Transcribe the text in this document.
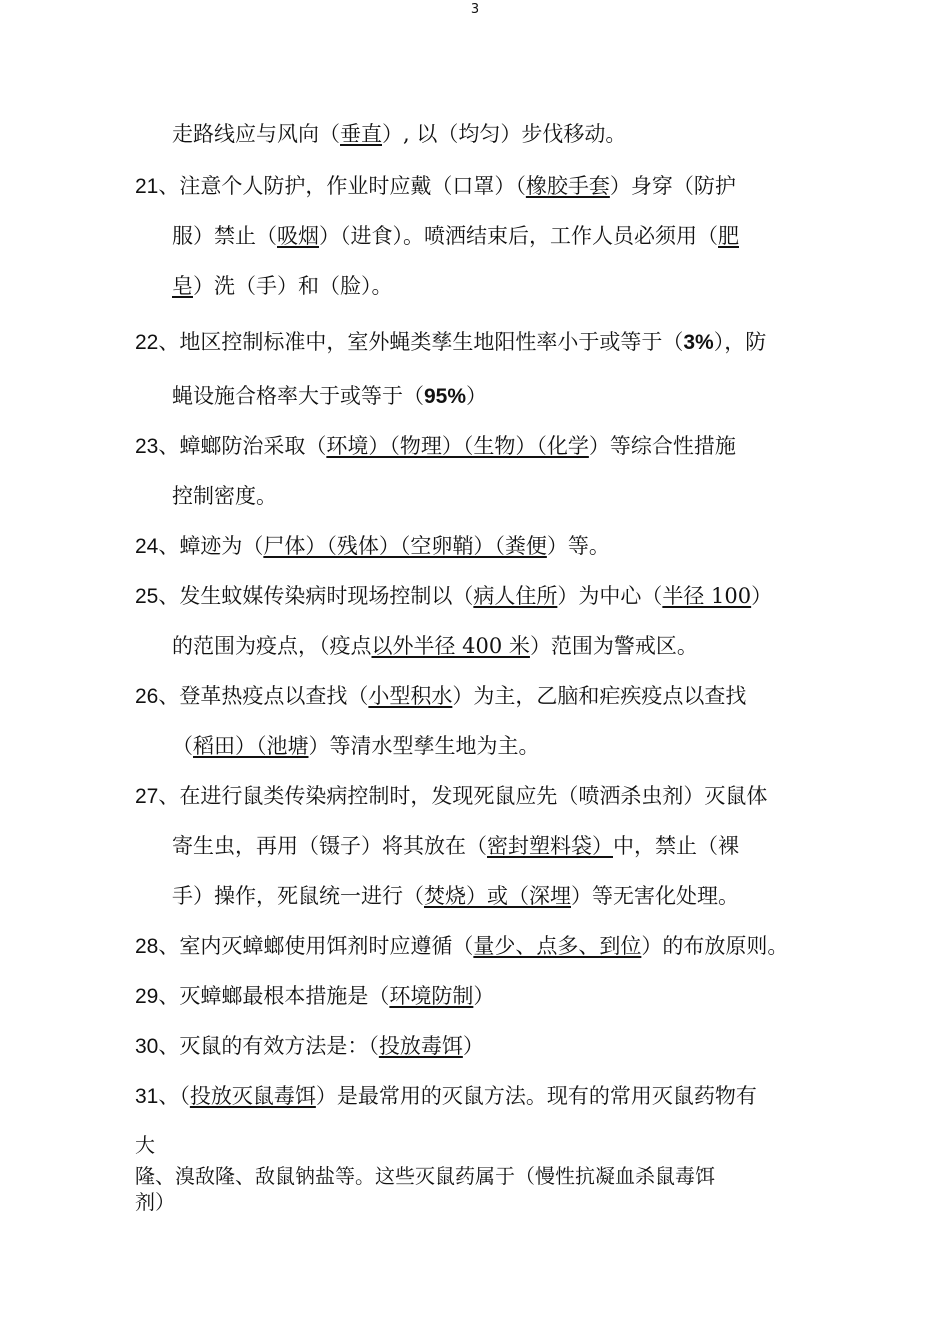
3
走路线应与风向（垂直）, 以（均匀）步伐移动。
21、注意个人防护，作业时应戴（口罩）（橡胶手套）身穿（防护
服）禁止（吸烟）（进食）。喷洒结束后，工作人员必须用（肥
皂）洗（手）和（脸）。
22、地区控制标准中，室外蝇类孳生地阳性率小于或等于（3%），防
蝇设施合格率大于或等于（95%）
23、蟑螂防治采取（环境）（物理）（生物）（化学）等综合性措施
控制密度。
24、蟑迹为（尸体）（残体）（空卵鞘）（粪便）等。
25、发生蚊媒传染病时现场控制以（病人住所）为中心（半径 100）
的范围为疫点，（疫点以外半径 400 米）范围为警戒区。
26、登革热疫点以查找（小型积水）为主，乙脑和疟疾疫点以查找
（稻田）（池塘）等清水型孳生地为主。
27、在进行鼠类传染病控制时，发现死鼠应先（喷洒杀虫剂）灭鼠体
寄生虫，再用（镊子）将其放在（密封塑料袋）中，禁止（裸
手）操作，死鼠统一进行（焚烧）或（深埋）等无害化处理。
28、室内灭蟑螂使用饵剂时应遵循（量少、点多、到位）的布放原则。
29、灭蟑螂最根本措施是（环境防制）
30、灭鼠的有效方法是：（投放毒饵）
31、（投放灭鼠毒饵）是最常用的灭鼠方法。现有的常用灭鼠药物有
大
隆、溴敌隆、敌鼠钠盐等。这些灭鼠药属于（慢性抗凝血杀鼠毒饵
剂）
